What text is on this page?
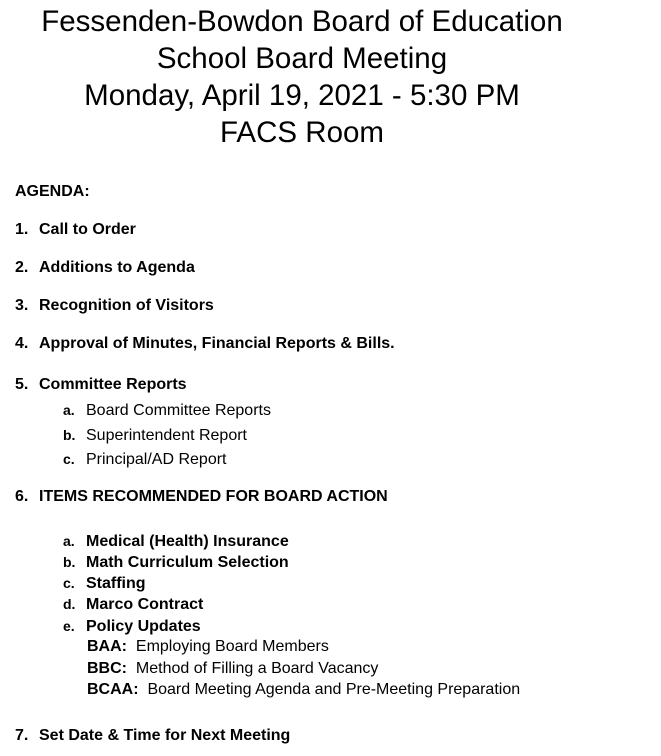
Fessenden-Bowdon Board of Education
School Board Meeting
Monday, April 19, 2021 - 5:30 PM
FACS Room
AGENDA:
1. Call to Order
2. Additions to Agenda
3. Recognition of Visitors
4. Approval of Minutes, Financial Reports & Bills.
5. Committee Reports
a. Board Committee Reports
b. Superintendent Report
c. Principal/AD Report
6. ITEMS RECOMMENDED FOR BOARD ACTION
a. Medical (Health) Insurance
b. Math Curriculum Selection
c. Staffing
d. Marco Contract
e. Policy Updates
BAA: Employing Board Members
BBC: Method of Filling a Board Vacancy
BCAA: Board Meeting Agenda and Pre-Meeting Preparation
7. Set Date & Time for Next Meeting
